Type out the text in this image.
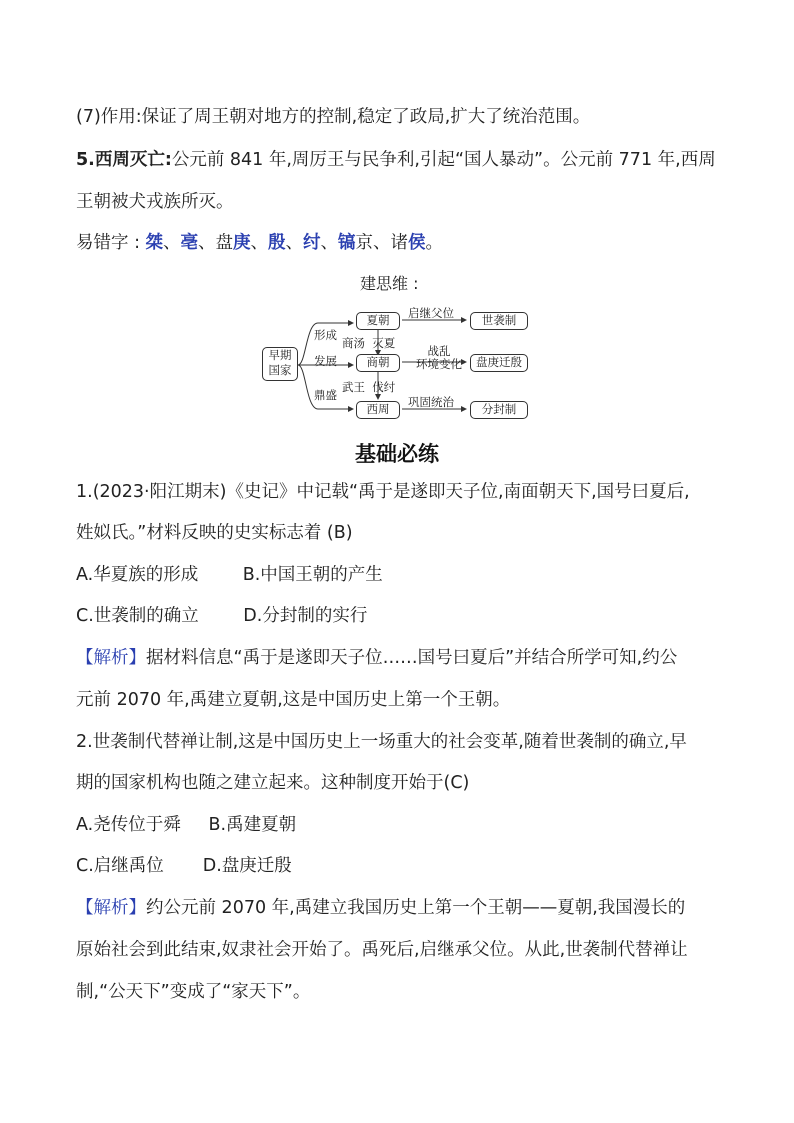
(7)作用:保证了周王朝对地方的控制,稳定了政局,扩大了统治范围。
5.西周灭亡:公元前 841 年,周厉王与民争利,引起“国人暴动”。公元前 771 年,西周
王朝被犬戎族所灭。
易错字 : 桀、亳、盘庚、殷、纣、镐京、诸侯。
建思维 :
早期
国家
形成
发展
鼎盛
夏朝
商朝
西周
商汤  灭夏
武王  伐纣
启继父位
战乱
环境变化
巩固统治
世袭制
盘庚迁殷
分封制
基础必练
1.(2023·阳江期末)《史记》中记载“禹于是遂即天子位,南面朝天下,国号曰夏后,
姓姒氏。”材料反映的史实标志着 (B)
A.华夏族的形成        B.中国王朝的产生
C.世袭制的确立        D.分封制的实行
【解析】据材料信息“禹于是遂即天子位……国号曰夏后”并结合所学可知,约公
元前 2070 年,禹建立夏朝,这是中国历史上第一个王朝。
2.世袭制代替禅让制,这是中国历史上一场重大的社会变革,随着世袭制的确立,早
期的国家机构也随之建立起来。这种制度开始于(C)
A.尧传位于舜     B.禹建夏朝
C.启继禹位       D.盘庚迁殷
【解析】约公元前 2070 年,禹建立我国历史上第一个王朝——夏朝,我国漫长的
原始社会到此结束,奴隶社会开始了。禹死后,启继承父位。从此,世袭制代替禅让
制,“公天下”变成了“家天下”。
